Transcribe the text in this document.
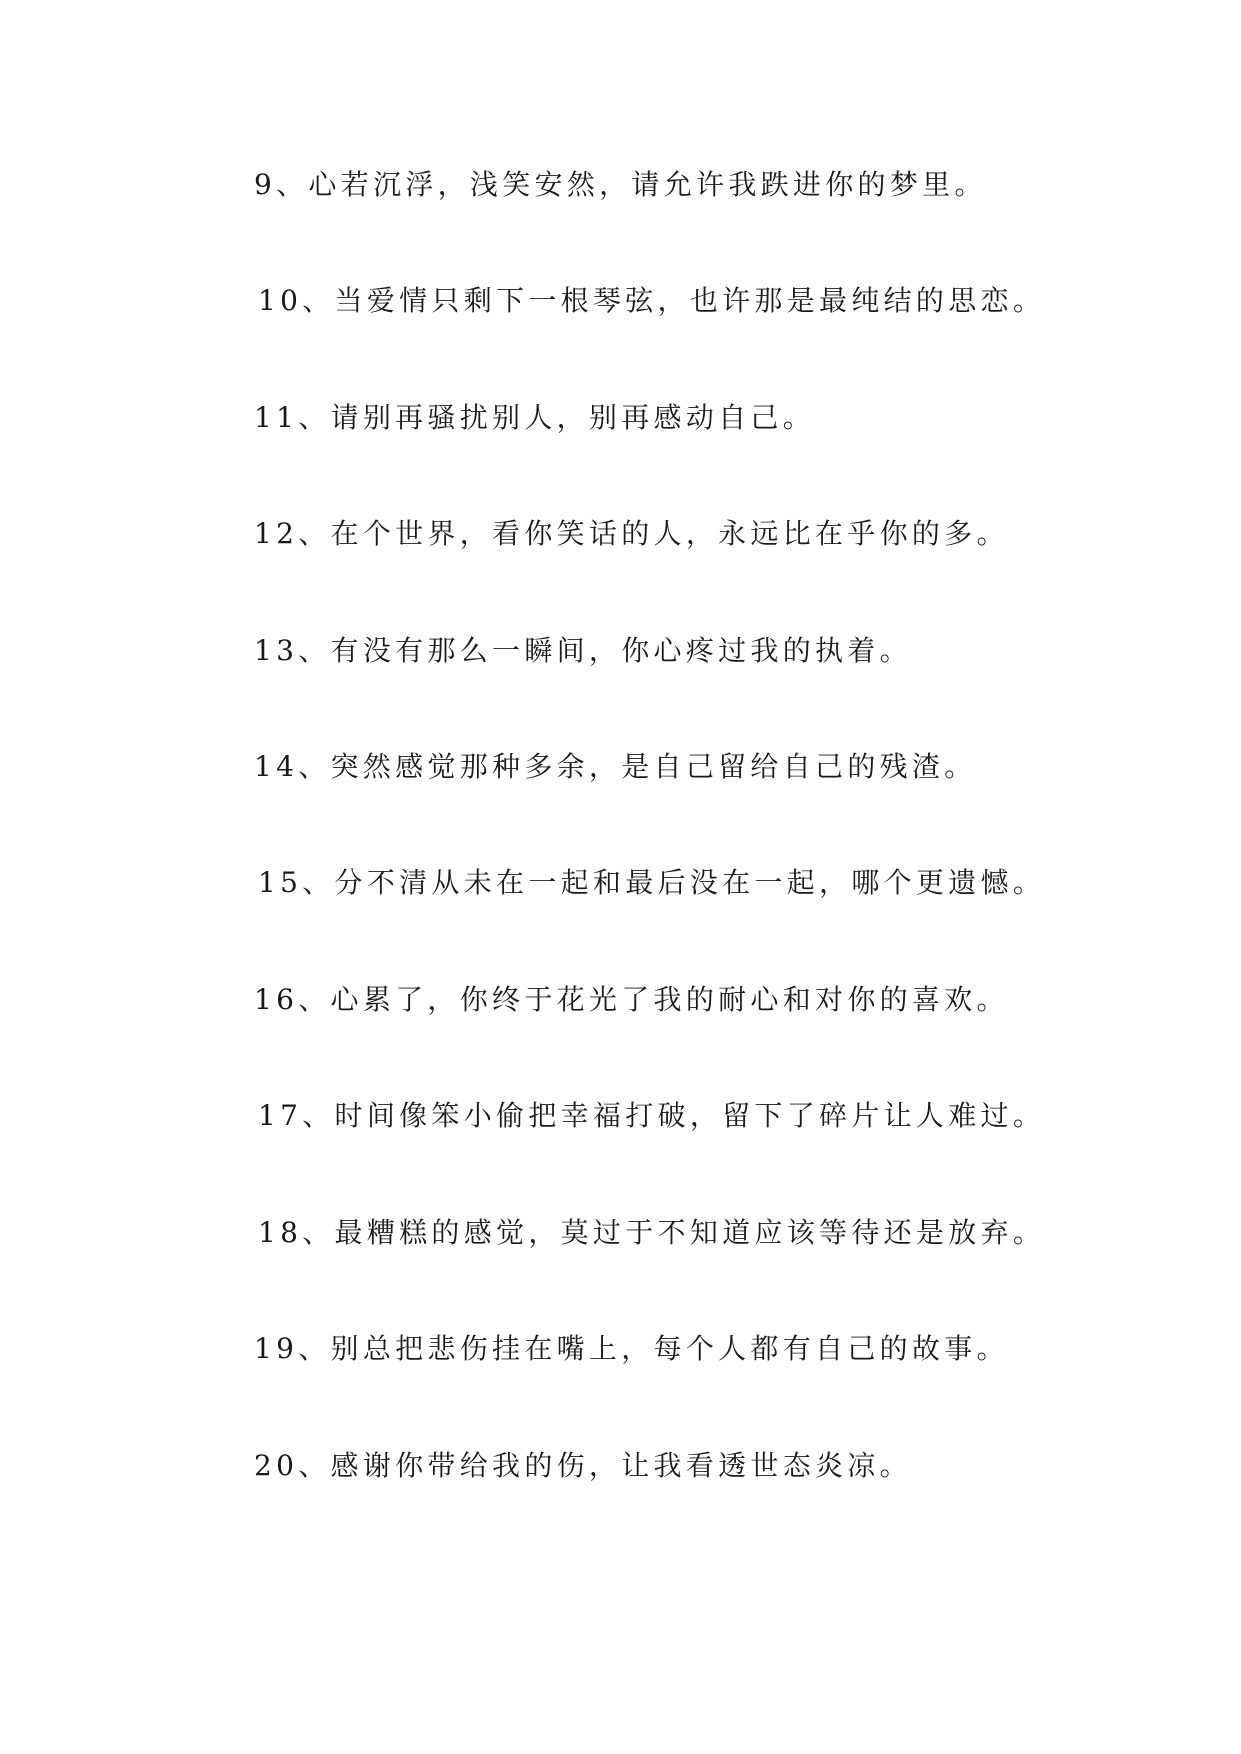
9、心若沉浮，浅笑安然，请允许我跌进你的梦里。
10、当爱情只剩下一根琴弦，也许那是最纯结的思恋。
11、请别再骚扰别人，别再感动自己。
12、在个世界，看你笑话的人，永远比在乎你的多。
13、有没有那么一瞬间，你心疼过我的执着。
14、突然感觉那种多余，是自己留给自己的残渣。
15、分不清从未在一起和最后没在一起，哪个更遗憾。
16、心累了，你终于花光了我的耐心和对你的喜欢。
17、时间像笨小偷把幸福打破，留下了碎片让人难过。
18、最糟糕的感觉，莫过于不知道应该等待还是放弃。
19、别总把悲伤挂在嘴上，每个人都有自己的故事。
20、感谢你带给我的伤，让我看透世态炎凉。
